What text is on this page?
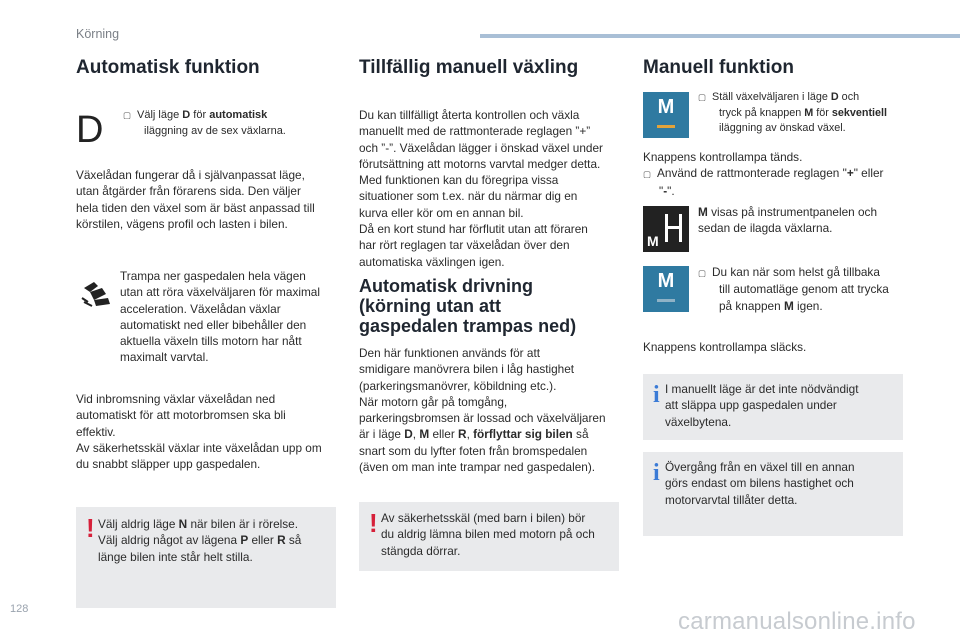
Körning
Automatisk funktion
D	▢ Välj läge D för automatisk
iläggning av de sex växlarna.
Växelådan fungerar då i självanpassat läge,
utan åtgärder från förarens sida. Den väljer
hela tiden den växel som är bäst anpassad till
körstilen, vägens profil och lasten i bilen.
Trampa ner gaspedalen hela vägen
utan att röra växelväljaren för maximal
acceleration. Växelådan växlar
automatiskt ned eller bibehåller den
aktuella växeln tills motorn har nått
maximalt varvtal.
Vid inbromsning växlar växelådan ned
automatiskt för att motorbromsen ska bli
effektiv.
Av säkerhetsskäl växlar inte växelådan upp om
du snabbt släpper upp gaspedalen.
! Välj aldrig läge N när bilen är i rörelse.
Välj aldrig något av lägena P eller R så
länge bilen inte står helt stilla.
Tillfällig manuell växling
Du kan tillfälligt återta kontrollen och växla
manuellt med de rattmonterade reglagen ”+”
och ”-”. Växelådan lägger i önskad växel under
förutsättning att motorns varvtal medger detta.
Med funktionen kan du föregripa vissa
situationer som t.ex. när du närmar dig en
kurva eller kör om en annan bil.
Då en kort stund har förflutit utan att föraren
har rört reglagen tar växelådan över den
automatiska växlingen igen.
Automatisk drivning
(körning utan att
gaspedalen trampas ned)
Den här funktionen används för att
smidigare manövrera bilen i låg hastighet
(parkeringsmanövrer, köbildning etc.).
När motorn går på tomgång,
parkeringsbromsen är lossad och växelväljaren
är i läge D, M eller R, förflyttar sig bilen så
snart som du lyfter foten från bromspedalen
(även om man inte trampar ned gaspedalen).
! Av säkerhetsskäl (med barn i bilen) bör
du aldrig lämna bilen med motorn på och
stängda dörrar.
Manuell funktion
M	▢ Ställ växelväljaren i läge D och
tryck på knappen M för sekventiell
iläggning av önskad växel.
Knappens kontrollampa tänds.
▢ Använd de rattmonterade reglagen "+" eller
"-".
M
M visas på instrumentpanelen och
sedan de ilagda växlarna.
M	▢ Du kan när som helst gå tillbaka
till automatläge genom att trycka
på knappen M igen.
Knappens kontrollampa släcks.
i I manuellt läge är det inte nödvändigt
att släppa upp gaspedalen under
växelbytena.
i Övergång från en växel till en annan
görs endast om bilens hastighet och
motorvarvtal tillåter detta.
128	carmanualsonline.info
